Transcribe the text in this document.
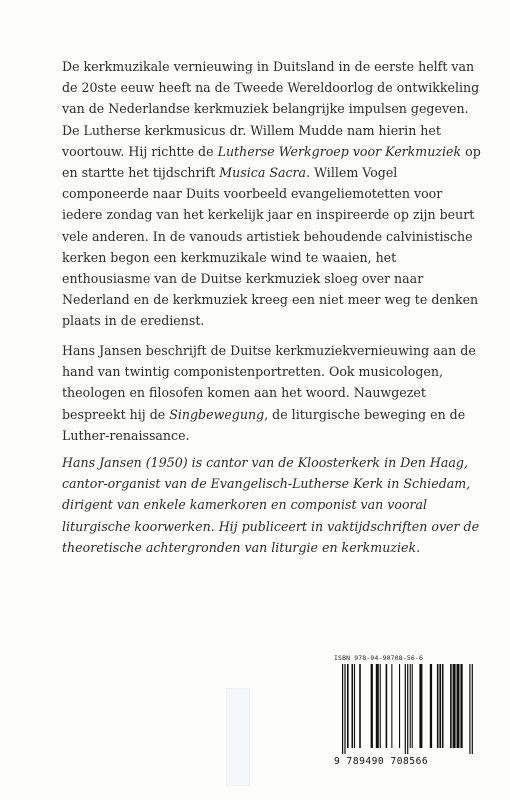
De kerkmuzikale vernieuwing in Duitsland in de eerste helft van de 20ste eeuw heeft na de Tweede Wereldoorlog de ontwikkeling van de Nederlandse kerkmuziek belangrijke impulsen gegeven. De Lutherse kerkmusicus dr. Willem Mudde nam hierin het voortouw. Hij richtte de Lutherse Werkgroep voor Kerkmuziek op en startte het tijdschrift Musica Sacra. Willem Vogel componeerde naar Duits voorbeeld evangeliemotetten voor iedere zondag van het kerkelijk jaar en inspireerde op zijn beurt vele anderen. In de vanouds artistiek behoudende calvinistische kerken begon een kerkmuzikale wind te waaien, het enthousiasme van de Duitse kerkmuziek sloeg over naar Nederland en de kerkmuziek kreeg een niet meer weg te denken plaats in de eredienst.

Hans Jansen beschrijft de Duitse kerkmuziekvernieuwing aan de hand van twintig componistenportretten. Ook musicologen, theologen en filosofen komen aan het woord. Nauwgezet bespreekt hij de Singbewegung, de liturgische beweging en de Luther-renaissance.

Hans Jansen (1950) is cantor van de Kloosterkerk in Den Haag, cantor-organist van de Evangelisch-Lutherse Kerk in Schiedam, dirigent van enkele kamerkoren en componist van vooral liturgische koorwerken. Hij publiceert in vaktijdschriften over de theoretische achtergronden van liturgie en kerkmuziek.

ISBN 978-94-90708-56-6
9 789490 708566
